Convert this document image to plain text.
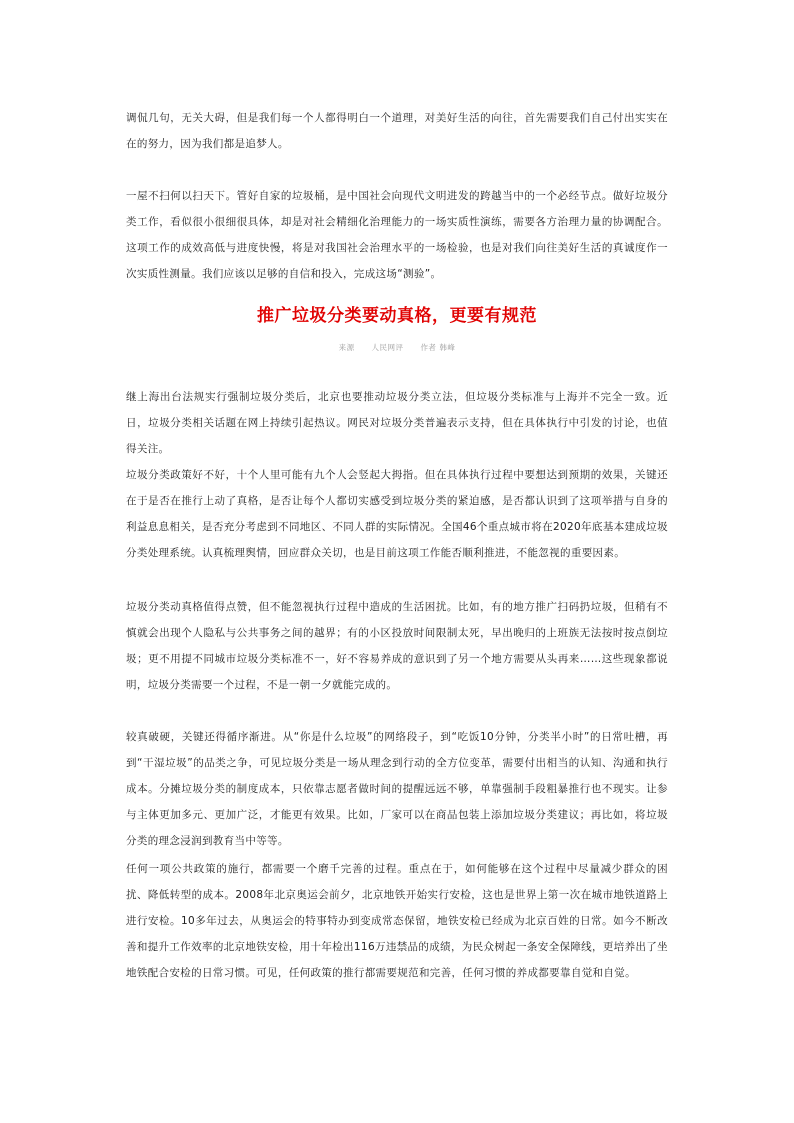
调侃几句，无关大碍，但是我们每一个人都得明白一个道理，对美好生活的向往，首先需要我们自己付出实实在在的努力，因为我们都是追梦人。

一屋不扫何以扫天下。管好自家的垃圾桶，是中国社会向现代文明进发的跨越当中的一个必经节点。做好垃圾分类工作，看似很小很细很具体，却是对社会精细化治理能力的一场实质性演练，需要各方治理力量的协调配合。这项工作的成效高低与进度快慢，将是对我国社会治理水平的一场检验，也是对我们向往美好生活的真诚度作一次实质性测量。我们应该以足够的自信和投入，完成这场“测验”。

推广垃圾分类要动真格，更要有规范

来源 人民网评 作者 韩峰

继上海出台法规实行强制垃圾分类后，北京也要推动垃圾分类立法，但垃圾分类标准与上海并不完全一致。近日，垃圾分类相关话题在网上持续引起热议。网民对垃圾分类普遍表示支持，但在具体执行中引发的讨论，也值得关注。

垃圾分类政策好不好，十个人里可能有九个人会竖起大拇指。但在具体执行过程中要想达到预期的效果，关键还在于是否在推行上动了真格，是否让每个人都切实感受到垃圾分类的紧迫感，是否都认识到了这项举措与自身的利益息息相关，是否充分考虑到不同地区、不同人群的实际情况。全国46个重点城市将在2020年底基本建成垃圾分类处理系统。认真梳理舆情，回应群众关切，也是目前这项工作能否顺利推进，不能忽视的重要因素。

垃圾分类动真格值得点赞，但不能忽视执行过程中造成的生活困扰。比如，有的地方推广扫码扔垃圾，但稍有不慎就会出现个人隐私与公共事务之间的越界；有的小区投放时间限制太死，早出晚归的上班族无法按时按点倒垃圾；更不用提不同城市垃圾分类标准不一，好不容易养成的意识到了另一个地方需要从头再来……这些现象都说明，垃圾分类需要一个过程，不是一朝一夕就能完成的。

较真破硬，关键还得循序渐进。从“你是什么垃圾”的网络段子，到“吃饭10分钟，分类半小时”的日常吐槽，再到“干湿垃圾”的品类之争，可见垃圾分类是一场从理念到行动的全方位变革，需要付出相当的认知、沟通和执行成本。分摊垃圾分类的制度成本，只依靠志愿者做时间的提醒远远不够，单靠强制手段粗暴推行也不现实。让参与主体更加多元、更加广泛，才能更有效果。比如，厂家可以在商品包装上添加垃圾分类建议；再比如，将垃圾分类的理念浸润到教育当中等等。

任何一项公共政策的施行，都需要一个磨千完善的过程。重点在于，如何能够在这个过程中尽量减少群众的困扰、降低转型的成本。2008年北京奥运会前夕，北京地铁开始实行安检，这也是世界上第一次在城市地铁道路上进行安检。10多年过去，从奥运会的特事特办到变成常态保留，地铁安检已经成为北京百姓的日常。如今不断改善和提升工作效率的北京地铁安检，用十年检出116万违禁品的成绩，为民众树起一条安全保障线，更培养出了坐地铁配合安检的日常习惯。可见，任何政策的推行都需要规范和完善，任何习惯的养成都要靠自觉和自觉。
